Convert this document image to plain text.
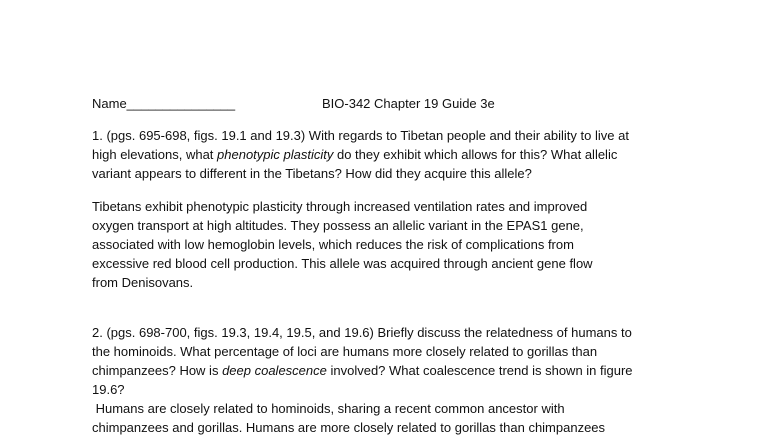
Name_______________	BIO-342 Chapter 19 Guide 3e
1. (pgs. 695-698, figs. 19.1 and 19.3) With regards to Tibetan people and their ability to live at
high elevations, what phenotypic plasticity do they exhibit which allows for this? What allelic
variant appears to different in the Tibetans? How did they acquire this allele?
Tibetans exhibit phenotypic plasticity through increased ventilation rates and improved
oxygen transport at high altitudes. They possess an allelic variant in the EPAS1 gene,
associated with low hemoglobin levels, which reduces the risk of complications from
excessive red blood cell production. This allele was acquired through ancient gene flow
from Denisovans.
2. (pgs. 698-700, figs. 19.3, 19.4, 19.5, and 19.6) Briefly discuss the relatedness of humans to
the hominoids. What percentage of loci are humans more closely related to gorillas than
chimpanzees? How is deep coalescence involved? What coalescence trend is shown in figure
19.6?
Humans are closely related to hominoids, sharing a recent common ancestor with
chimpanzees and gorillas. Humans are more closely related to gorillas than chimpanzees
